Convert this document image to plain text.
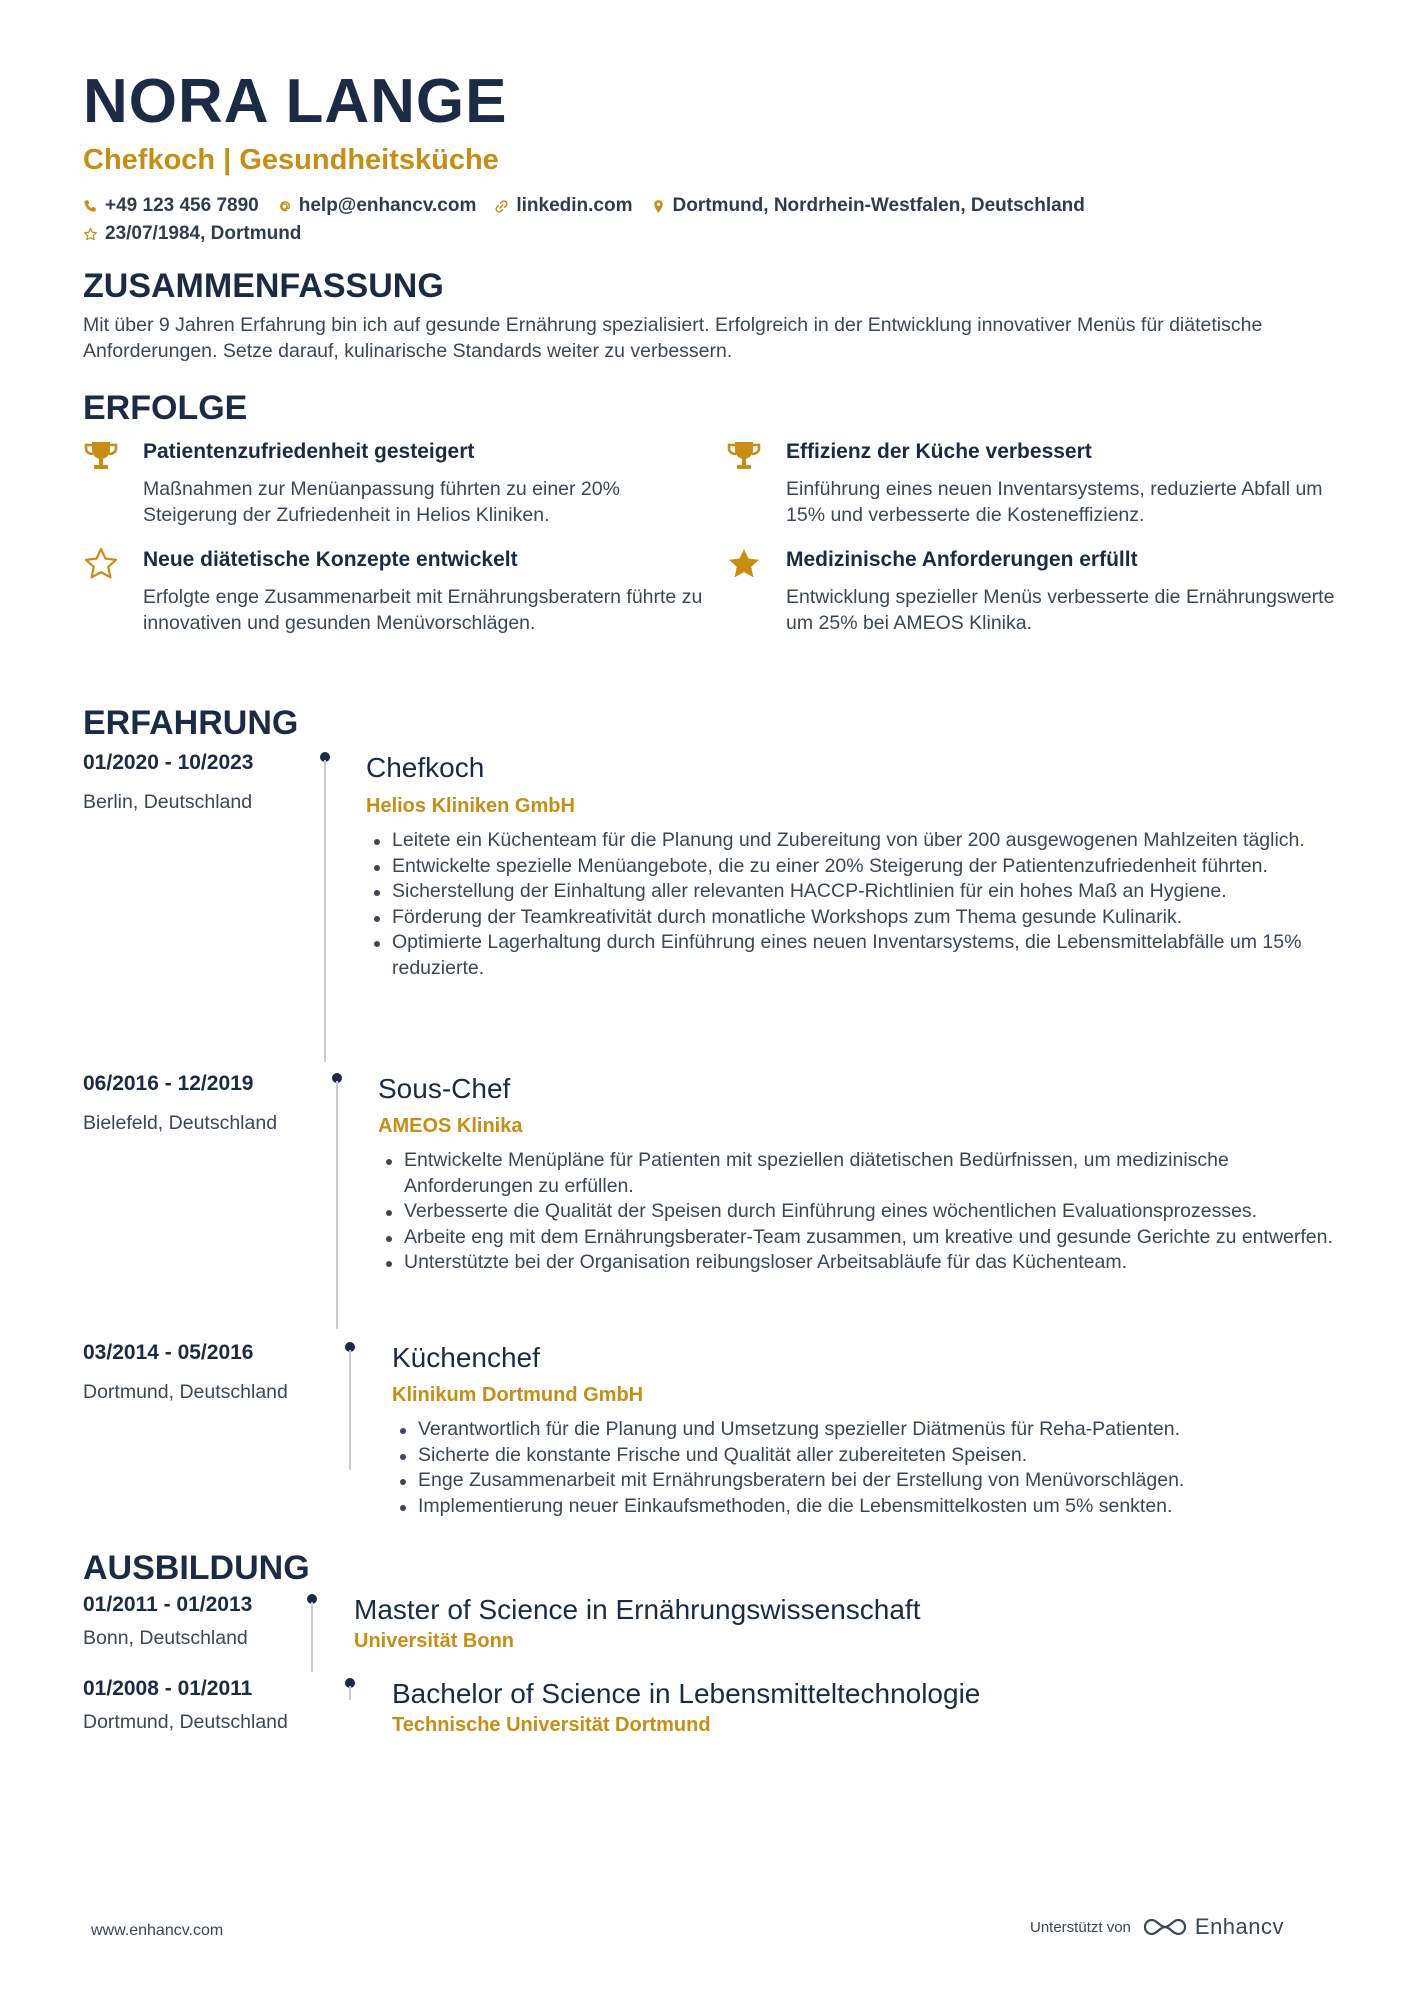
NORA LANGE
Chefkoch | Gesundheitsküche
+49 123 456 7890 help@enhancv.com linkedin.com Dortmund, Nordrhein-Westfalen, Deutschland
23/07/1984, Dortmund
ZUSAMMENFASSUNG
Mit über 9 Jahren Erfahrung bin ich auf gesunde Ernährung spezialisiert. Erfolgreich in der Entwicklung innovativer Menüs für diätetische Anforderungen. Setze darauf, kulinarische Standards weiter zu verbessern.
ERFOLGE
Patientenzufriedenheit gesteigert
Maßnahmen zur Menüanpassung führten zu einer 20% Steigerung der Zufriedenheit in Helios Kliniken.
Effizienz der Küche verbessert
Einführung eines neuen Inventarsystems, reduzierte Abfall um 15% und verbesserte die Kosteneffizienz.
Neue diätetische Konzepte entwickelt
Erfolgte enge Zusammenarbeit mit Ernährungsberatern führte zu innovativen und gesunden Menüvorschlägen.
Medizinische Anforderungen erfüllt
Entwicklung spezieller Menüs verbesserte die Ernährungswerte um 25% bei AMEOS Klinika.
ERFAHRUNG
01/2020 - 10/2023
Berlin, Deutschland
Chefkoch
Helios Kliniken GmbH
Leitete ein Küchenteam für die Planung und Zubereitung von über 200 ausgewogenen Mahlzeiten täglich.
Entwickelte spezielle Menüangebote, die zu einer 20% Steigerung der Patientenzufriedenheit führten.
Sicherstellung der Einhaltung aller relevanten HACCP-Richtlinien für ein hohes Maß an Hygiene.
Förderung der Teamkreativität durch monatliche Workshops zum Thema gesunde Kulinarik.
Optimierte Lagerhaltung durch Einführung eines neuen Inventarsystems, die Lebensmittelabfälle um 15% reduzierte.
06/2016 - 12/2019
Bielefeld, Deutschland
Sous-Chef
AMEOS Klinika
Entwickelte Menüpläne für Patienten mit speziellen diätetischen Bedürfnissen, um medizinische Anforderungen zu erfüllen.
Verbesserte die Qualität der Speisen durch Einführung eines wöchentlichen Evaluationsprozesses.
Arbeite eng mit dem Ernährungsberater-Team zusammen, um kreative und gesunde Gerichte zu entwerfen.
Unterstützte bei der Organisation reibungsloser Arbeitsabläufe für das Küchenteam.
03/2014 - 05/2016
Dortmund, Deutschland
Küchenchef
Klinikum Dortmund GmbH
Verantwortlich für die Planung und Umsetzung spezieller Diätmenüs für Reha-Patienten.
Sicherte die konstante Frische und Qualität aller zubereiteten Speisen.
Enge Zusammenarbeit mit Ernährungsberatern bei der Erstellung von Menüvorschlägen.
Implementierung neuer Einkaufsmethoden, die die Lebensmittelkosten um 5% senkten.
AUSBILDUNG
01/2011 - 01/2013
Bonn, Deutschland
Master of Science in Ernährungswissenschaft
Universität Bonn
01/2008 - 01/2011
Dortmund, Deutschland
Bachelor of Science in Lebensmitteltechnologie
Technische Universität Dortmund
www.enhancv.com	Unterstützt von	Enhancv
